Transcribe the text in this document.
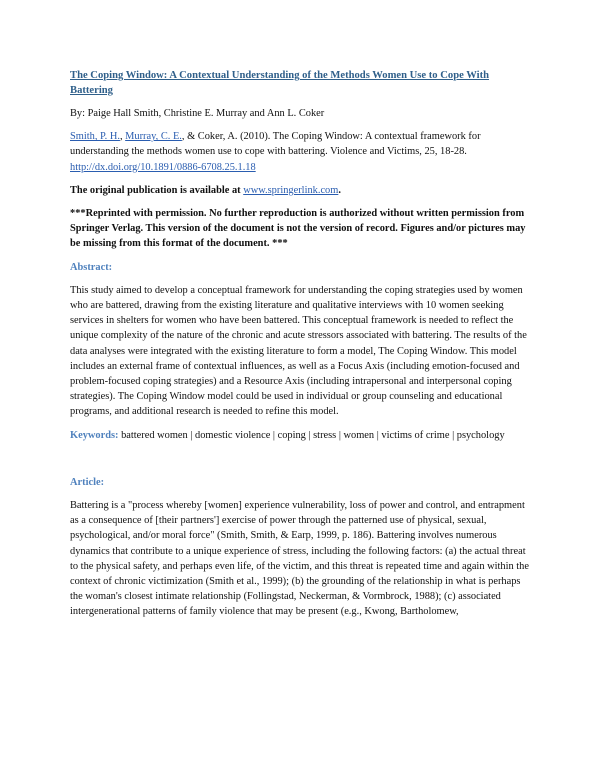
The Coping Window: A Contextual Understanding of the Methods Women Use to Cope With Battering
By: Paige Hall Smith, Christine E. Murray and Ann L. Coker
Smith, P. H., Murray, C. E., & Coker, A. (2010). The Coping Window: A contextual framework for understanding the methods women use to cope with battering. Violence and Victims, 25, 18-28. http://dx.doi.org/10.1891/0886-6708.25.1.18
The original publication is available at www.springerlink.com.
***Reprinted with permission. No further reproduction is authorized without written permission from Springer Verlag. This version of the document is not the version of record. Figures and/or pictures may be missing from this format of the document. ***
Abstract:
This study aimed to develop a conceptual framework for understanding the coping strategies used by women who are battered, drawing from the existing literature and qualitative interviews with 10 women seeking services in shelters for women who have been battered. This conceptual framework is needed to reflect the unique complexity of the nature of the chronic and acute stressors associated with battering. The results of the data analyses were integrated with the existing literature to form a model, The Coping Window. This model includes an external frame of contextual influences, as well as a Focus Axis (including emotion-focused and problem-focused coping strategies) and a Resource Axis (including intrapersonal and interpersonal coping strategies). The Coping Window model could be used in individual or group counseling and educational programs, and additional research is needed to refine this model.
Keywords: battered women | domestic violence | coping | stress | women | victims of crime | psychology
Article:
Battering is a "process whereby [women] experience vulnerability, loss of power and control, and entrapment as a consequence of [their partners'] exercise of power through the patterned use of physical, sexual, psychological, and/or moral force" (Smith, Smith, & Earp, 1999, p. 186). Battering involves numerous dynamics that contribute to a unique experience of stress, including the following factors: (a) the actual threat to the physical safety, and perhaps even life, of the victim, and this threat is repeated time and again within the context of chronic victimization (Smith et al., 1999); (b) the grounding of the relationship in what is perhaps the woman's closest intimate relationship (Follingstad, Neckerman, & Vormbrock, 1988); (c) associated intergenerational patterns of family violence that may be present (e.g., Kwong, Bartholomew,
